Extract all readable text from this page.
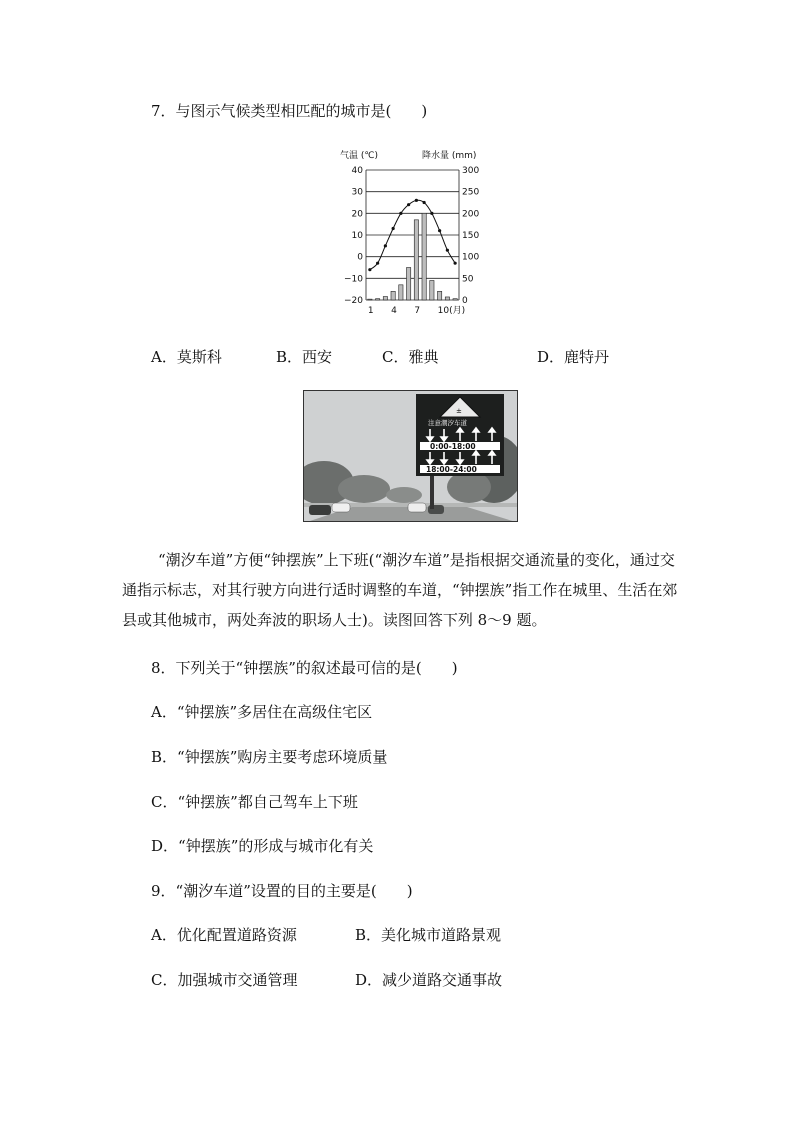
7．与图示气候类型相匹配的城市是(　　)
气温 (℃)	降水量 (mm)
40
30
20
10
0
−10
−20
300
250
200
150
100
50
0
1 4 7 10(月)
A．莫斯科	B．西安	C．雅典	D．鹿特丹
±
注意潮汐车道
0:00-18:00
18:00-24:00
“潮汐车道”方便“钟摆族”上下班(“潮汐车道”是指根据交通流量的变化，通过交通指示标志，对其行驶方向进行适时调整的车道，“钟摆族”指工作在城里、生活在郊县或其他城市，两处奔波的职场人士)。读图回答下列 8～9 题。
8．下列关于“钟摆族”的叙述最可信的是(　　)
A．“钟摆族”多居住在高级住宅区
B．“钟摆族”购房主要考虑环境质量
C．“钟摆族”都自己驾车上下班
D．“钟摆族”的形成与城市化有关
9．“潮汐车道”设置的目的主要是(　　)
A．优化配置道路资源	B．美化城市道路景观
C．加强城市交通管理	D．减少道路交通事故
